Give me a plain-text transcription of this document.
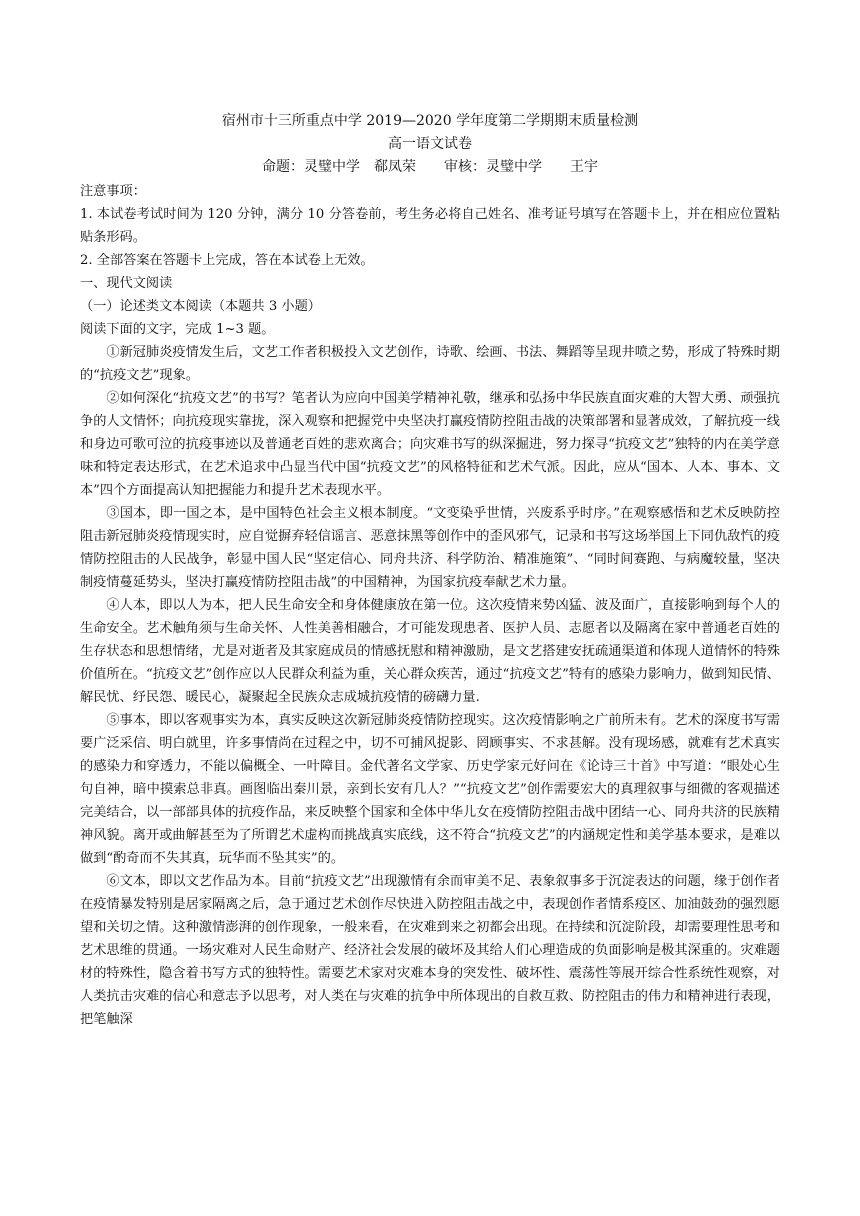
宿州市十三所重点中学 2019—2020 学年度第二学期期末质量检测
高一语文试卷
命题：灵璧中学　郗凤荣　　审核：灵璧中学　　王宇
注意事项：

1. 本试卷考试时间为 120 分钟，满分 10 分答卷前，考生务必将自己姓名、准考证号填写在答题卡上，并在相应位置粘贴条形码。

2. 全部答案在答题卡上完成，答在本试卷上无效。

一、现代文阅读
（一）论述类文本阅读（本题共 3 小题）
阅读下面的文字，完成 1~3 题。

①新冠肺炎疫情发生后，文艺工作者积极投入文艺创作，诗歌、绘画、书法、舞蹈等呈现井喷之势，形成了特殊时期的“抗疫文艺”现象。

②如何深化“抗疫文艺”的书写？笔者认为应向中国美学精神礼敬，继承和弘扬中华民族直面灾难的大智大勇、顽强抗争的人文情怀；向抗疫现实靠拢，深入观察和把握党中央坚决打赢疫情防控阻击战的决策部署和显著成效，了解抗疫一线和身边可歌可泣的抗疫事迹以及普通老百姓的悲欢离合；向灾难书写的纵深掘进，努力探寻“抗疫文艺”独特的内在美学意味和特定表达形式，在艺术追求中凸显当代中国“抗疫文艺”的风格特征和艺术气派。因此，应从“国本、人本、事本、文本”四个方面提高认知把握能力和提升艺术表现水平。

③国本，即一国之本，是中国特色社会主义根本制度。“文变染乎世情，兴废系乎时序。”在观察感悟和艺术反映防控阻击新冠肺炎疫情现实时，应自觉摒弃轻信谣言、恶意抹黑等创作中的歪风邪气，记录和书写这场举国上下同仇敌忾的疫情防控阻击的人民战争，彰显中国人民“坚定信心、同舟共济、科学防治、精准施策”、“同时间赛跑、与病魔较量，坚决制疫情蔓延势头，坚决打赢疫情防控阻击战”的中国精神，为国家抗疫奉献艺术力量。

④人本，即以人为本，把人民生命安全和身体健康放在第一位。这次疫情来势凶猛、波及面广，直接影响到每个人的生命安全。艺术触角须与生命关怀、人性美善相融合，才可能发现患者、医护人员、志愿者以及隔离在家中普通老百姓的生存状态和思想情绪，尤是对逝者及其家庭成员的情感抚慰和精神激励，是文艺搭建安抚疏通渠道和体现人道情怀的特殊价值所在。“抗疫文艺”创作应以人民群众利益为重，关心群众疾苦，通过“抗疫文艺”特有的感染力影响力，做到知民情、解民忧、纾民怨、暖民心，凝聚起全民族众志成城抗疫情的磅礴力量.

⑤事本，即以客观事实为本，真实反映这次新冠肺炎疫情防控现实。这次疫情影响之广前所未有。艺术的深度书写需要广泛采信、明白就里，许多事情尚在过程之中，切不可捕风捉影、罔顾事实、不求甚解。没有现场感，就难有艺术真实的感染力和穿透力，不能以偏概全、一叶障目。金代著名文学家、历史学家元好问在《论诗三十首》中写道：“眼处心生句自神，暗中摸索总非真。画图临出秦川景，亲到长安有几人？”“抗疫文艺”创作需要宏大的真理叙事与细微的客观描述完美结合，以一部部具体的抗疫作品，来反映整个国家和全体中华儿女在疫情防控阻击战中团结一心、同舟共济的民族精神风貌。离开或曲解甚至为了所谓艺术虚构而挑战真实底线，这不符合“抗疫文艺”的内涵规定性和美学基本要求，是难以做到“酌奇而不失其真，玩华而不坠其实”的。

⑥文本，即以文艺作品为本。目前“抗疫文艺”出现激情有余而审美不足、表象叙事多于沉淀表达的问题，缘于创作者在疫情暴发特别是居家隔离之后，急于通过艺术创作尽快进入防控阻击战之中，表现创作者情系疫区、加油鼓劲的强烈愿望和关切之情。这种激情澎湃的创作现象，一般来看，在灾难到来之初都会出现。在持续和沉淀阶段，却需要理性思考和艺术思维的贯通。一场灾难对人民生命财产、经济社会发展的破坏及其给人们心理造成的负面影响是极其深重的。灾难题材的特殊性，隐含着书写方式的独特性。需要艺术家对灾难本身的突发性、破坏性、震荡性等展开综合性系统性观察，对人类抗击灾难的信心和意志予以思考，对人类在与灾难的抗争中所体现出的自救互救、防控阻击的伟力和精神进行表现，把笔触深
